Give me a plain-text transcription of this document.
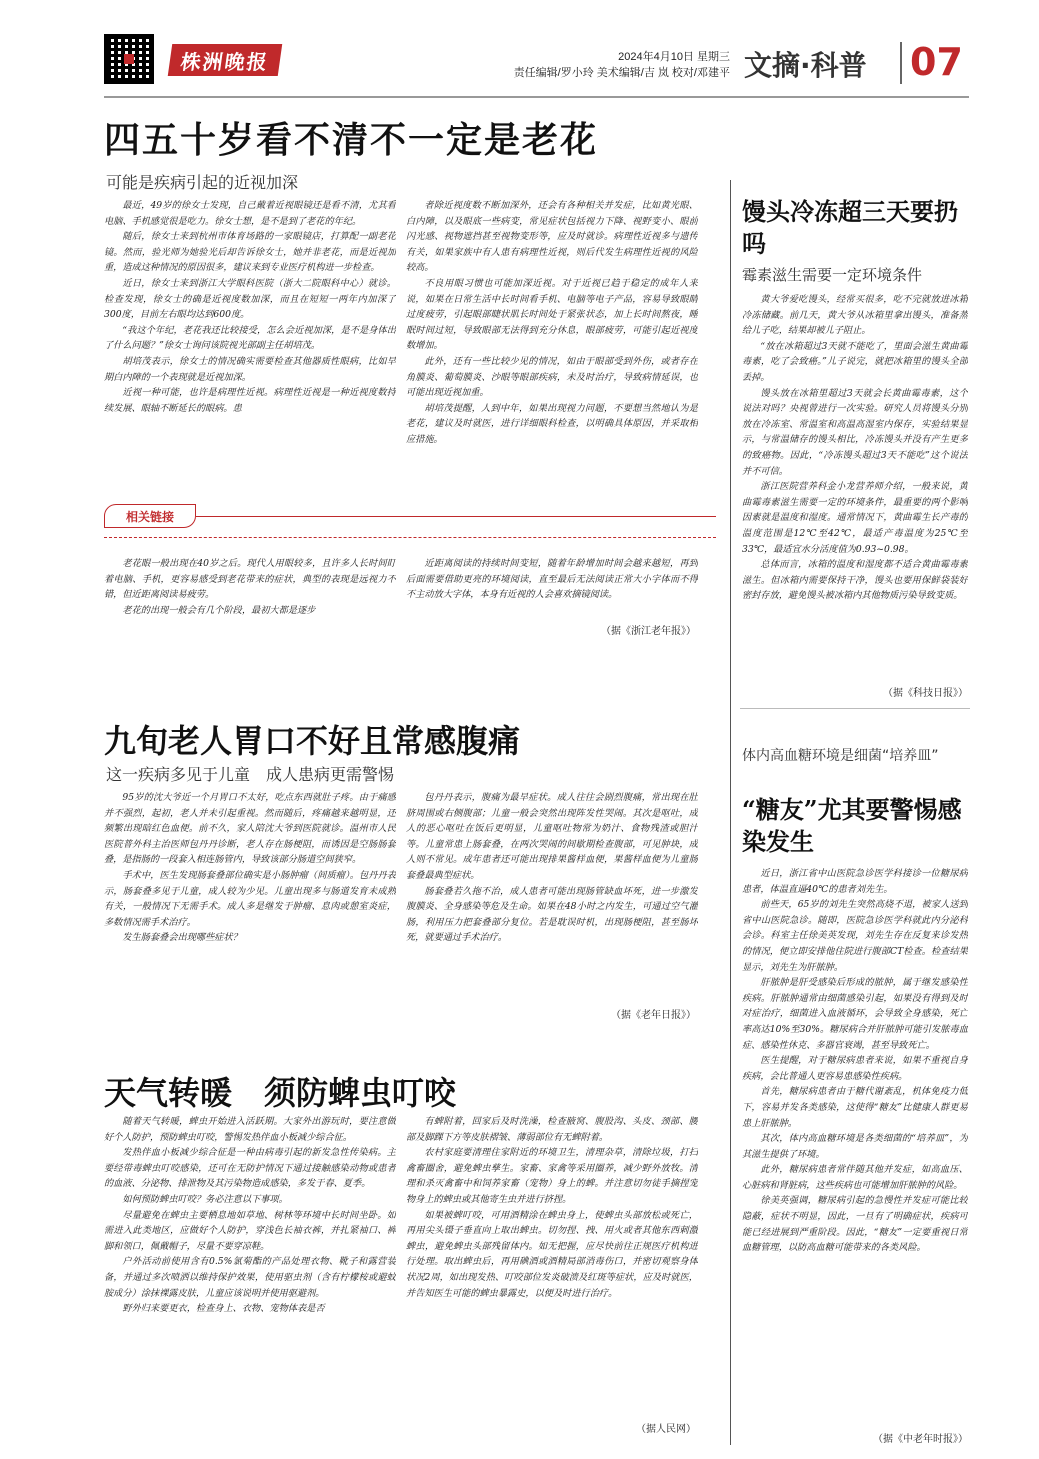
株洲晚报	2024年4月10日 星期三
责任编辑/罗小玲 美术编辑/吉 岚 校对/邓建平 文摘·科普 07
四五十岁看不清不一定是老花
可能是疾病引起的近视加深

最近，49岁的徐女士发现，自己戴着近视眼镜还是看不清，尤其看电脑、手机感觉很是吃力。徐女士想，是不是到了老花的年纪。

随后，徐女士来到杭州市体育场路的一家眼镜店，打算配一副老花镜。然而，验光师为她验光后却告诉徐女士，她并非老花，而是近视加重，造成这种情况的原因很多，建议来到专业医疗机构进一步检查。

近日，徐女士来到浙江大学眼科医院（浙大二院眼科中心）就诊。检查发现，徐女士的确是近视度数加深，而且在短短一两年内加深了300度，目前左右眼均达到600度。

“我这个年纪，老花我还比较接受，怎么会近视加深，是不是身体出了什么问题？”徐女士询问该院视光部副主任胡培茂。

胡培茂表示，徐女士的情况确实需要检查其他器质性眼病，比如早期白内障的一个表现就是近视加深。

近视一种可能，也许是病理性近视。病理性近视是一种近视度数持续发展、眼轴不断延长的眼病。患

者除近视度数不断加深外，还会有各种相关并发症，比如黄光眼、白内障，以及眼底一些病变，常见症状包括视力下降、视野变小、眼前闪光感、视物遮挡甚至视物变形等，应及时就诊。病理性近视多与遗传有关，如果家族中有人患有病理性近视，则后代发生病理性近视的风险较高。

不良用眼习惯也可能加深近视。对于近视已趋于稳定的成年人来说，如果在日常生活中长时间看手机、电脑等电子产品，容易导致眼睛过度疲劳，引起眼部睫状肌长时间处于紧张状态，加上长时间熬夜，睡眠时间过短，导致眼部无法得到充分休息，眼部疲劳，可能引起近视度数增加。

此外，还有一些比较少见的情况，如由于眼部受到外伤，或者存在角膜炎、葡萄膜炎、沙眼等眼部疾病，未及时治疗，导致病情延误，也可能出现近视加重。

胡培茂提醒，人到中年，如果出现视力问题，不要想当然地认为是老花，建议及时就医，进行详细眼科检查，以明确具体原因，并采取相应措施。

相关链接

老花眼一般出现在40岁之后。现代人用眼较多，且许多人长时间盯着电脑、手机，更容易感受到老花带来的症状，典型的表现是远视力不错，但近距离阅读易疲劳。

老花的出现一般会有几个阶段，最初大都是逐步

近距离阅读的持续时间变短，随着年龄增加时间会越来越短，再到后面需要借助更亮的环境阅读，直至最后无法阅读正常大小字体而不得不主动放大字体，本身有近视的人会喜欢摘镜阅读。

（据《浙江老年报》）
九旬老人胃口不好且常感腹痛
这一疾病多见于儿童　成人患病更需警惕

95岁的沈大爷近一个月胃口不太好，吃点东西就肚子疼。由于痛感并不强烈，起初，老人并未引起重视。然而随后，疼痛越来越明显，还频繁出现暗红色血便。前不久，家人陪沈大爷到医院就诊。温州市人民医院普外科主治医师包丹丹诊断，老人存在肠梗阻，而诱因是空肠肠套叠，是指肠的一段套入相连肠管内，导致该部分肠道空间狭窄。

手术中，医生发现肠套叠部位确实是小肠肿瘤（间质瘤）。包丹丹表示，肠套叠多见于儿童，成人较为少见。儿童出现多与肠道发育未成熟有关，一般情况下无需手术。成人多是继发于肿瘤、息肉或憩室炎症，多数情况需手术治疗。

发生肠套叠会出现哪些症状？

包丹丹表示，腹痛为最早症状。成人往往会剧烈腹痛，常出现在肚脐周围或右侧腹部；儿童一般会突然出现阵发性哭闹。其次是呕吐，成人的恶心呕吐在饭后更明显，儿童呕吐物常为奶汁、食物残渣或胆汁等。儿童常患上肠套叠，在两次哭闹的间歇期检查腹部，可见肿块，成人则不常见。成年患者还可能出现排果酱样血便，果酱样血便为儿童肠套叠最典型症状。

肠套叠若久拖不治，成人患者可能出现肠管缺血坏死，进一步激发腹膜炎、全身感染等危及生命。如果在48小时之内发生，可通过空气灌肠，利用压力把套叠部分复位。若是耽误时机，出现肠梗阻，甚至肠坏死，就要通过手术治疗。

（据《老年日报》）
天气转暖　须防蜱虫叮咬

随着天气转暖，蜱虫开始进入活跃期。大家外出游玩时，要注意做好个人防护，预防蜱虫叮咬，警惕发热伴血小板减少综合征。

发热伴血小板减少综合征是一种由病毒引起的新发急性传染病。主要经带毒蜱虫叮咬感染，还可在无防护情况下通过接触感染动物或患者的血液、分泌物、排泄物及其污染物造成感染，多发于春、夏季。

如何预防蜱虫叮咬？务必注意以下事项。

尽量避免在蜱虫主要栖息地如草地、树林等环境中长时间坐卧。如需进入此类地区，应做好个人防护，穿浅色长袖衣裤，并扎紧袖口、裤脚和领口，佩戴帽子，尽量不要穿凉鞋。

户外活动前使用含有0.5%氯菊酯的产品处理衣物、靴子和露营装备，并通过多次喷洒以维持保护效果，使用驱虫剂（含有柠檬桉或避蚊胺成分）涂抹裸露皮肤，儿童应该说明并使用驱避剂。

野外归来要更衣，检查身上、衣物、宠物体表是否

有蜱附着，回家后及时洗澡，检查腋窝、腹股沟、头皮、颈部、腰部及脚踝下方等皮肤褶皱、薄弱部位有无蜱附着。

农村家庭要清理住家附近的环境卫生，清理杂草，清除垃圾，打扫禽畜圈舍，避免蜱虫孳生。家畜、家禽等采用圈养，减少野外放牧。清理和杀灭禽畜中和饲养家畜（宠物）身上的蜱。并注意切勿徒手摘捏宠物身上的蜱虫或其他寄生虫并进行挤捏。

如果被蜱叮咬，可用酒精涂在蜱虫身上，使蜱虫头部放松或死亡，再用尖头镊子垂直向上取出蜱虫。切勿捏、拽、用火或者其他东西刺激蜱虫，避免蜱虫头部残留体内。如无把握，应尽快前往正规医疗机构进行处理。取出蜱虫后，再用碘酒或酒精局部消毒伤口，并密切观察身体状况2周，如出现发热、叮咬部位发炎破溃及红斑等症状，应及时就医，并告知医生可能的蜱虫暴露史，以便及时进行治疗。

（据人民网）
馒头冷冻超三天要扔吗
霉素滋生需要一定环境条件

黄大爷爱吃馒头，经常买很多，吃不完就放进冰箱冷冻储藏。前几天，黄大爷从冰箱里拿出馒头，准备蒸给儿子吃，结果却被儿子阻止。

“放在冰箱超过3天就不能吃了，里面会滋生黄曲霉毒素，吃了会致癌。”儿子说完，就把冰箱里的馒头全部丢掉。

馒头放在冰箱里超过3天就会长黄曲霉毒素，这个说法对吗？央视曾进行一次实验。研究人员将馒头分别放在冷冻室、常温室和高温高湿室内保存，实验结果显示，与常温储存的馒头相比，冷冻馒头并没有产生更多的致癌物。因此，“冷冻馒头超过3天不能吃”这个说法并不可信。

浙江医院营养科金小龙营养师介绍，一般来说，黄曲霉毒素滋生需要一定的环境条件，最重要的两个影响因素就是温度和湿度。通常情况下，黄曲霉生长产毒的温度范围是12℃至42℃，最适产毒温度为25℃至33℃，最适宜水分活度值为0.93~0.98。

总体而言，冰箱的温度和湿度都不适合黄曲霉毒素滋生。但冰箱内需要保持干净，馒头也要用保鲜袋装好密封存放，避免馒头被冰箱内其他物质污染导致变质。

（据《科技日报》）
体内高血糖环境是细菌“培养皿”
“糖友”尤其要警惕感染发生

近日，浙江省中山医院急诊医学科接诊一位糖尿病患者，体温直逼40℃的患者刘先生。

前些天，65岁的刘先生突然高烧不退，被家人送到省中山医院急诊。随即，医院急诊医学科就此内分泌科会诊。科室主任徐美英发现，刘先生存在反复来诊发热的情况，便立即安排他住院进行腹部CT检查。检查结果显示，刘先生为肝脓肿。

肝脓肿是肝受感染后形成的脓肿，属于继发感染性疾病。肝脓肿通常由细菌感染引起，如果没有得到及时对症治疗，细菌进入血液循环，会导致全身感染，死亡率高达10%至30%。糖尿病合并肝脓肿可能引发脓毒血症、感染性休克、多器官衰竭，甚至导致死亡。

医生提醒，对于糖尿病患者来说，如果不重视自身疾病，会比普通人更容易患感染性疾病。

首先，糖尿病患者由于糖代谢紊乱，机体免疫力低下，容易并发各类感染，这使得“糖友”比健康人群更易患上肝脓肿。

其次，体内高血糖环境是各类细菌的“培养皿”，为其滋生提供了环境。

此外，糖尿病患者常伴随其他并发症，如高血压、心脏病和肾脏病，这些疾病也可能增加肝脓肿的风险。

徐美英强调，糖尿病引起的急慢性并发症可能比较隐蔽，症状不明显，因此，一旦有了明确症状，疾病可能已经进展到严重阶段。因此，“糖友”一定要重视日常血糖管理，以防高血糖可能带来的各类风险。

（据《中老年时报》）
